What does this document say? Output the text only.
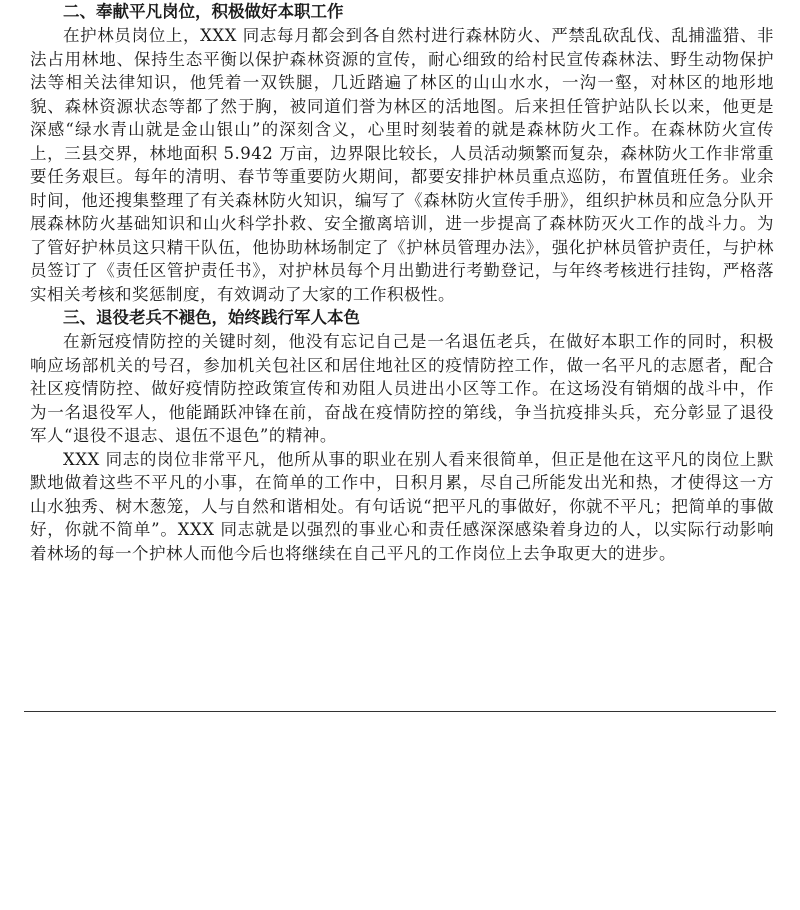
二、奉献平凡岗位，积极做好本职工作

在护林员岗位上，XXX 同志每月都会到各自然村进行森林防火、严禁乱砍乱伐、乱捕滥猎、非法占用林地、保持生态平衡以保护森林资源的宣传，耐心细致的给村民宣传森林法、野生动物保护法等相关法律知识，他凭着一双铁腿，几近踏遍了林区的山山水水，一沟一壑，对林区的地形地貌、森林资源状态等都了然于胸，被同道们誉为林区的活地图。后来担任管护站队长以来，他更是深感“绿水青山就是金山银山”的深刻含义，心里时刻装着的就是森林防火工作。在森林防火宣传上，三县交界，林地面积 5.942 万亩，边界限比较长，人员活动频繁而复杂，森林防火工作非常重要任务艰巨。每年的清明、春节等重要防火期间，都要安排护林员重点巡防，布置值班任务。业余时间，他还搜集整理了有关森林防火知识，编写了《森林防火宣传手册》，组织护林员和应急分队开展森林防火基础知识和山火科学扑救、安全撤离培训，进一步提高了森林防灭火工作的战斗力。为了管好护林员这只精干队伍，他协助林场制定了《护林员管理办法》，强化护林员管护责任，与护林员签订了《责任区管护责任书》，对护林员每个月出勤进行考勤登记，与年终考核进行挂钩，严格落实相关考核和奖惩制度，有效调动了大家的工作积极性。

三、退役老兵不褪色，始终践行军人本色

在新冠疫情防控的关键时刻，他没有忘记自己是一名退伍老兵，在做好本职工作的同时，积极响应场部机关的号召，参加机关包社区和居住地社区的疫情防控工作，做一名平凡的志愿者，配合社区疫情防控、做好疫情防控政策宣传和劝阻人员进出小区等工作。在这场没有销烟的战斗中，作为一名退役军人，他能踊跃冲锋在前，奋战在疫情防控的第线，争当抗疫排头兵，充分彰显了退役军人“退役不退志、退伍不退色”的精神。

XXX 同志的岗位非常平凡，他所从事的职业在别人看来很简单，但正是他在这平凡的岗位上默默地做着这些不平凡的小事，在简单的工作中，日积月累，尽自己所能发出光和热，才使得这一方山水独秀、树木葱笼，人与自然和谐相处。有句话说“把平凡的事做好，你就不平凡；把简单的事做好，你就不简单”。XXX 同志就是以强烈的事业心和责任感深深感染着身边的人，以实际行动影响着林场的每一个护林人而他今后也将继续在自己平凡的工作岗位上去争取更大的进步。
